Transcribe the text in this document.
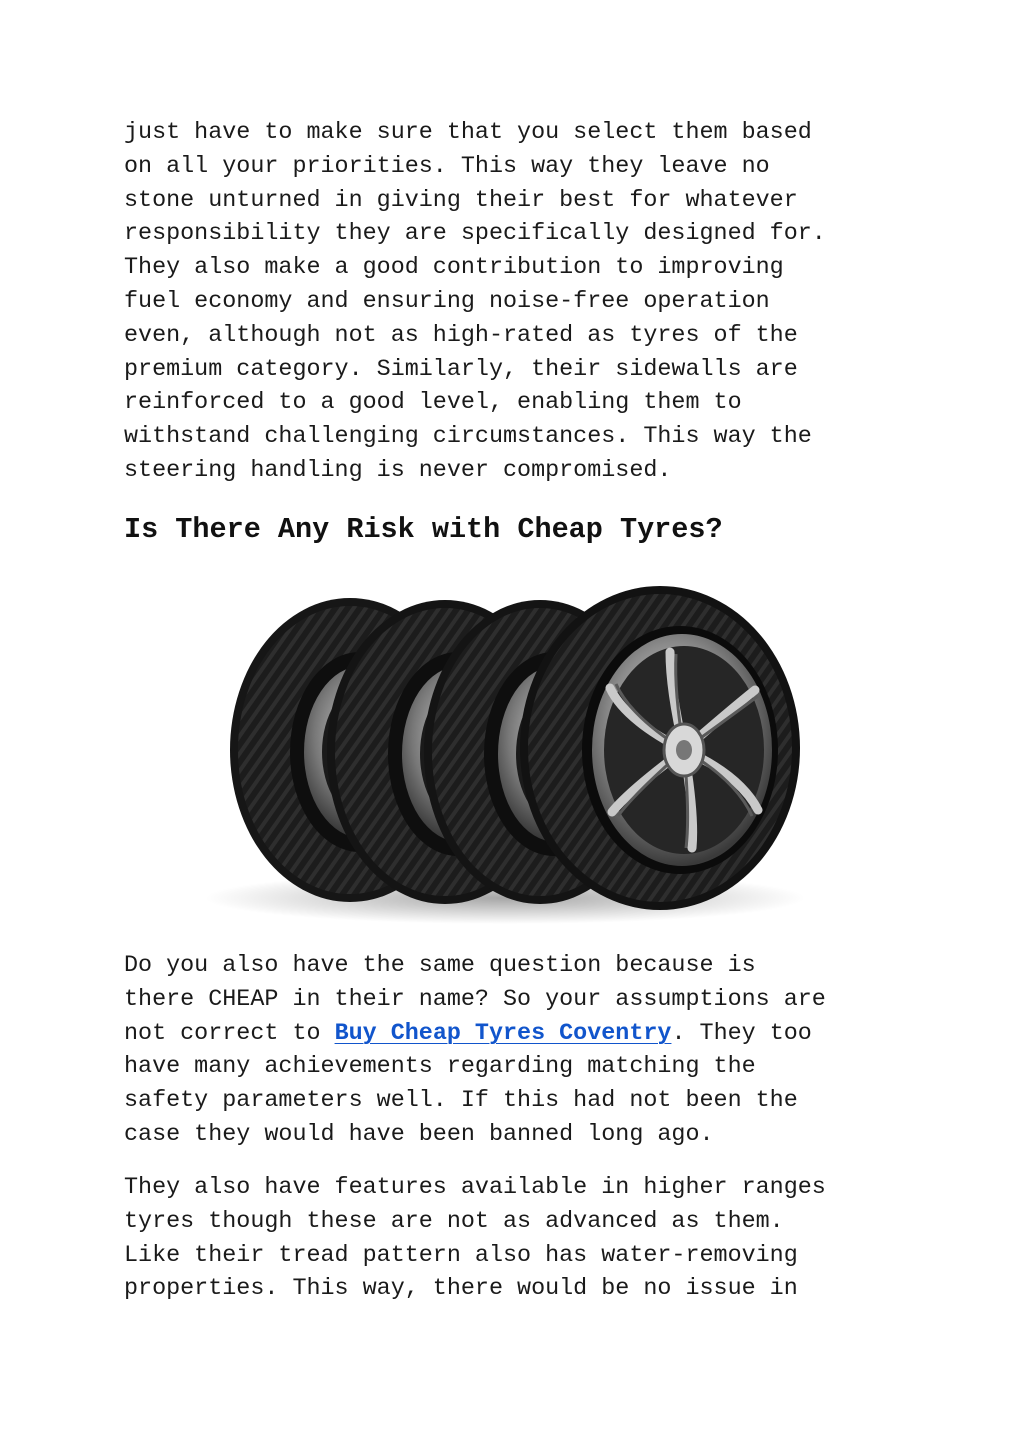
just have to make sure that you select them based
on all your priorities. This way they leave no
stone unturned in giving their best for whatever
responsibility they are specifically designed for.
They also make a good contribution to improving
fuel economy and ensuring noise-free operation
even, although not as high-rated as tyres of the
premium category. Similarly, their sidewalls are
reinforced to a good level, enabling them to
withstand challenging circumstances. This way the
steering handling is never compromised.

Is There Any Risk with Cheap Tyres?

Do you also have the same question because is
there CHEAP in their name? So your assumptions are
not correct to Buy Cheap Tyres Coventry. They too
have many achievements regarding matching the
safety parameters well. If this had not been the
case they would have been banned long ago.

They also have features available in higher ranges
tyres though these are not as advanced as them.
Like their tread pattern also has water-removing
properties. This way, there would be no issue in
